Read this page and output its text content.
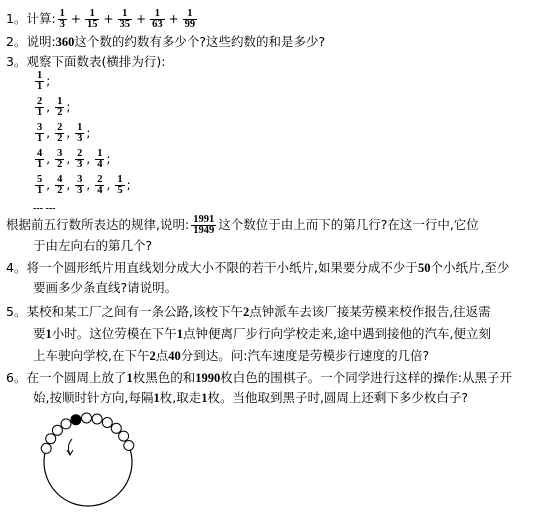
1。计算: $\frac{1}{3} + \frac{1}{15} + \frac{1}{35} + \frac{1}{63} + \frac{1}{99}$
2。说明:360这个数的约数有多少个?这些约数的和是多少?
3。观察下面数表(横排为行):
$\frac{1}{1}$ ;
$\frac{2}{1}$ , $\frac{1}{2}$ ;
$\frac{3}{1}$ , $\frac{2}{2}$ , $\frac{1}{3}$ ;
$\frac{4}{1}$ , $\frac{3}{2}$ , $\frac{2}{3}$ , $\frac{1}{4}$ ;
$\frac{5}{1}$ , $\frac{4}{2}$ , $\frac{3}{3}$ , $\frac{2}{4}$ , $\frac{1}{5}$ ;
--- ---
根据前五行数所表达的规律,说明: $\frac{1991}{1949}$ 这个数位于由上而下的第几行?在这一行中,它位
于由左向右的第几个?
4。将一个圆形纸片用直线划分成大小不限的若干小纸片,如果要分成不少于50个小纸片,至少
要画多少条直线?请说明。
5。某校和某工厂之间有一条公路,该校下午2点钟派车去该厂接某劳模来校作报告,往返需
要1小时。这位劳模在下午1点钟便离厂步行向学校走来,途中遇到接他的汽车,便立刻
上车驶向学校,在下午2点40分到达。问:汽车速度是劳模步行速度的几倍?
6。在一个圆周上放了1枚黑色的和1990枚白色的围棋子。一个同学进行这样的操作:从黑子开
始,按顺时针方向,每隔1枚,取走1枚。当他取到黑子时,圆周上还剩下多少枚白子?
